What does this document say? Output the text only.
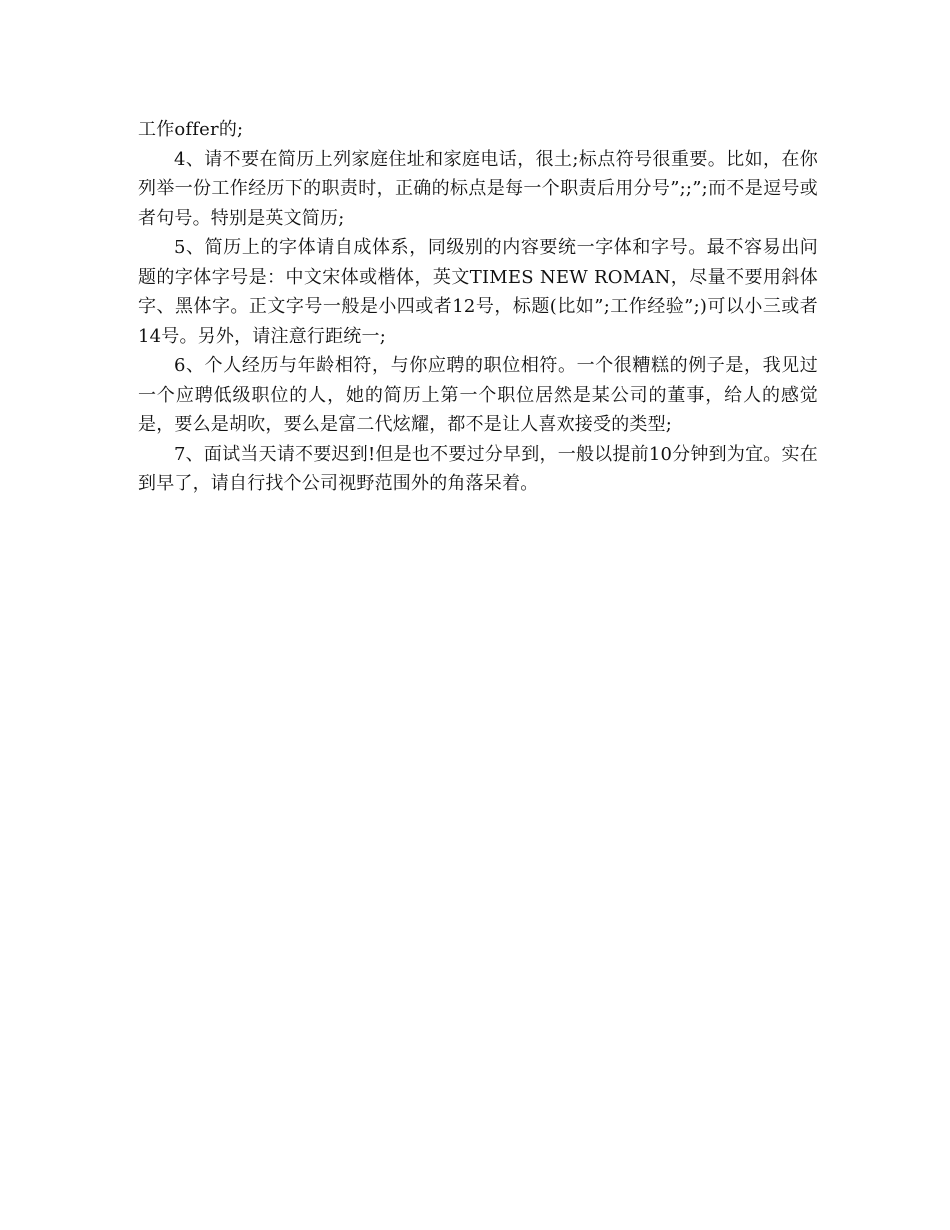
工作offer的;

4、请不要在简历上列家庭住址和家庭电话，很土;标点符号很重要。比如，在你列举一份工作经历下的职责时，正确的标点是每一个职责后用分号”;;”;而不是逗号或者句号。特别是英文简历;

5、简历上的字体请自成体系，同级别的内容要统一字体和字号。最不容易出问题的字体字号是：中文宋体或楷体，英文TIMES NEW ROMAN，尽量不要用斜体字、黑体字。正文字号一般是小四或者12号，标题(比如”;工作经验”;)可以小三或者14号。另外，请注意行距统一;

6、个人经历与年龄相符，与你应聘的职位相符。一个很糟糕的例子是，我见过一个应聘低级职位的人，她的简历上第一个职位居然是某公司的董事，给人的感觉是，要么是胡吹，要么是富二代炫耀，都不是让人喜欢接受的类型;

7、面试当天请不要迟到!但是也不要过分早到，一般以提前10分钟到为宜。实在到早了，请自行找个公司视野范围外的角落呆着。
